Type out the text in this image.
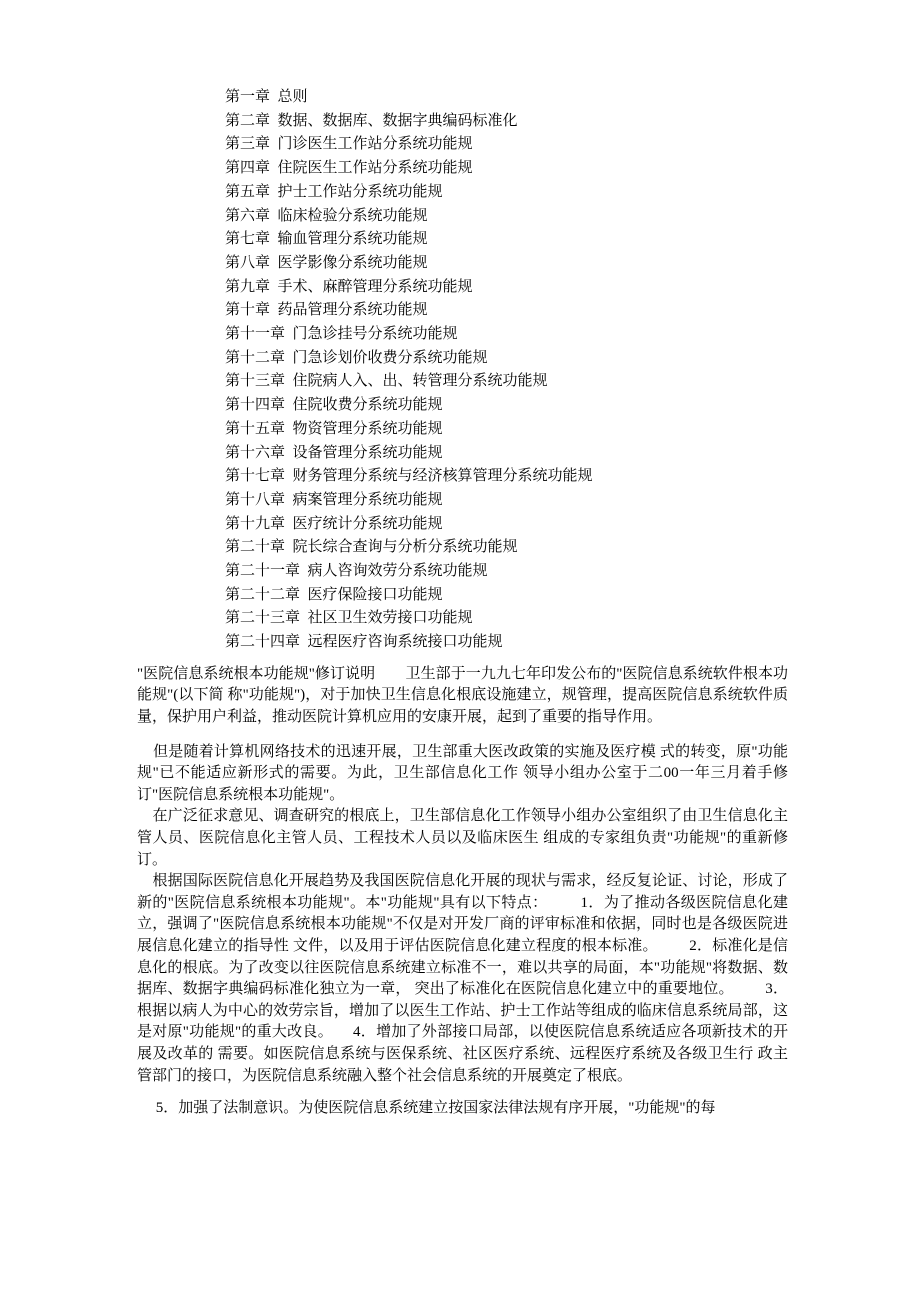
第一章  总则
第二章  数据、数据库、数据字典编码标准化
第三章  门诊医生工作站分系统功能规
第四章  住院医生工作站分系统功能规
第五章  护士工作站分系统功能规
第六章  临床检验分系统功能规
第七章  输血管理分系统功能规
第八章  医学影像分系统功能规
第九章  手术、麻醉管理分系统功能规
第十章  药品管理分系统功能规
第十一章  门急诊挂号分系统功能规
第十二章  门急诊划价收费分系统功能规
第十三章  住院病人入、出、转管理分系统功能规
第十四章  住院收费分系统功能规
第十五章  物资管理分系统功能规
第十六章  设备管理分系统功能规
第十七章  财务管理分系统与经济核算管理分系统功能规
第十八章  病案管理分系统功能规
第十九章  医疗统计分系统功能规
第二十章  院长综合查询与分析分系统功能规
第二十一章  病人咨询效劳分系统功能规
第二十二章  医疗保险接口功能规
第二十三章  社区卫生效劳接口功能规
第二十四章  远程医疗咨询系统接口功能规

"医院信息系统根本功能规"修订说明        卫生部于一九九七年印发公布的"医院信息系统软件根本功能规"(以下简 称"功能规")，对于加快卫生信息化根底设施建立，规管理，提高医院信息系统软件质量，保护用户利益，推动医院计算机应用的安康开展，起到了重要的指导作用。

但是随着计算机网络技术的迅速开展，卫生部重大医改政策的实施及医疗模 式的转变，原"功能规"已不能适应新形式的需要。为此，卫生部信息化工作 领导小组办公室于二00一年三月着手修订"医院信息系统根本功能规"。

在广泛征求意见、调查研究的根底上，卫生部信息化工作领导小组办公室组织了由卫生信息化主管人员、医院信息化主管人员、工程技术人员以及临床医生 组成的专家组负责"功能规"的重新修订。

根据国际医院信息化开展趋势及我国医院信息化开展的现状与需求，经反复论证、讨论，形成了新的"医院信息系统根本功能规"。本"功能规"具有以下特点：        1．为了推动各级医院信息化建立，强调了"医院信息系统根本功能规"不仅是对开发厂商的评审标准和依据，同时也是各级医院进展信息化建立的指导性 文件，以及用于评估医院信息化建立程度的根本标准。        2．标准化是信息化的根底。为了改变以往医院信息系统建立标准不一，难以共享的局面，本"功能规"将数据、数据库、数据字典编码标准化独立为一章， 突出了标准化在医院信息化建立中的重要地位。        3．根据以病人为中心的效劳宗旨，增加了以医生工作站、护士工作站等组成的临床信息系统局部，这是对原"功能规"的重大改良。     4．增加了外部接口局部，以使医院信息系统适应各项新技术的开展及改革的 需要。如医院信息系统与医保系统、社区医疗系统、远程医疗系统及各级卫生行 政主管部门的接口，为医院信息系统融入整个社会信息系统的开展奠定了根底。

5．加强了法制意识。为使医院信息系统建立按国家法律法规有序开展，"功能规"的每
